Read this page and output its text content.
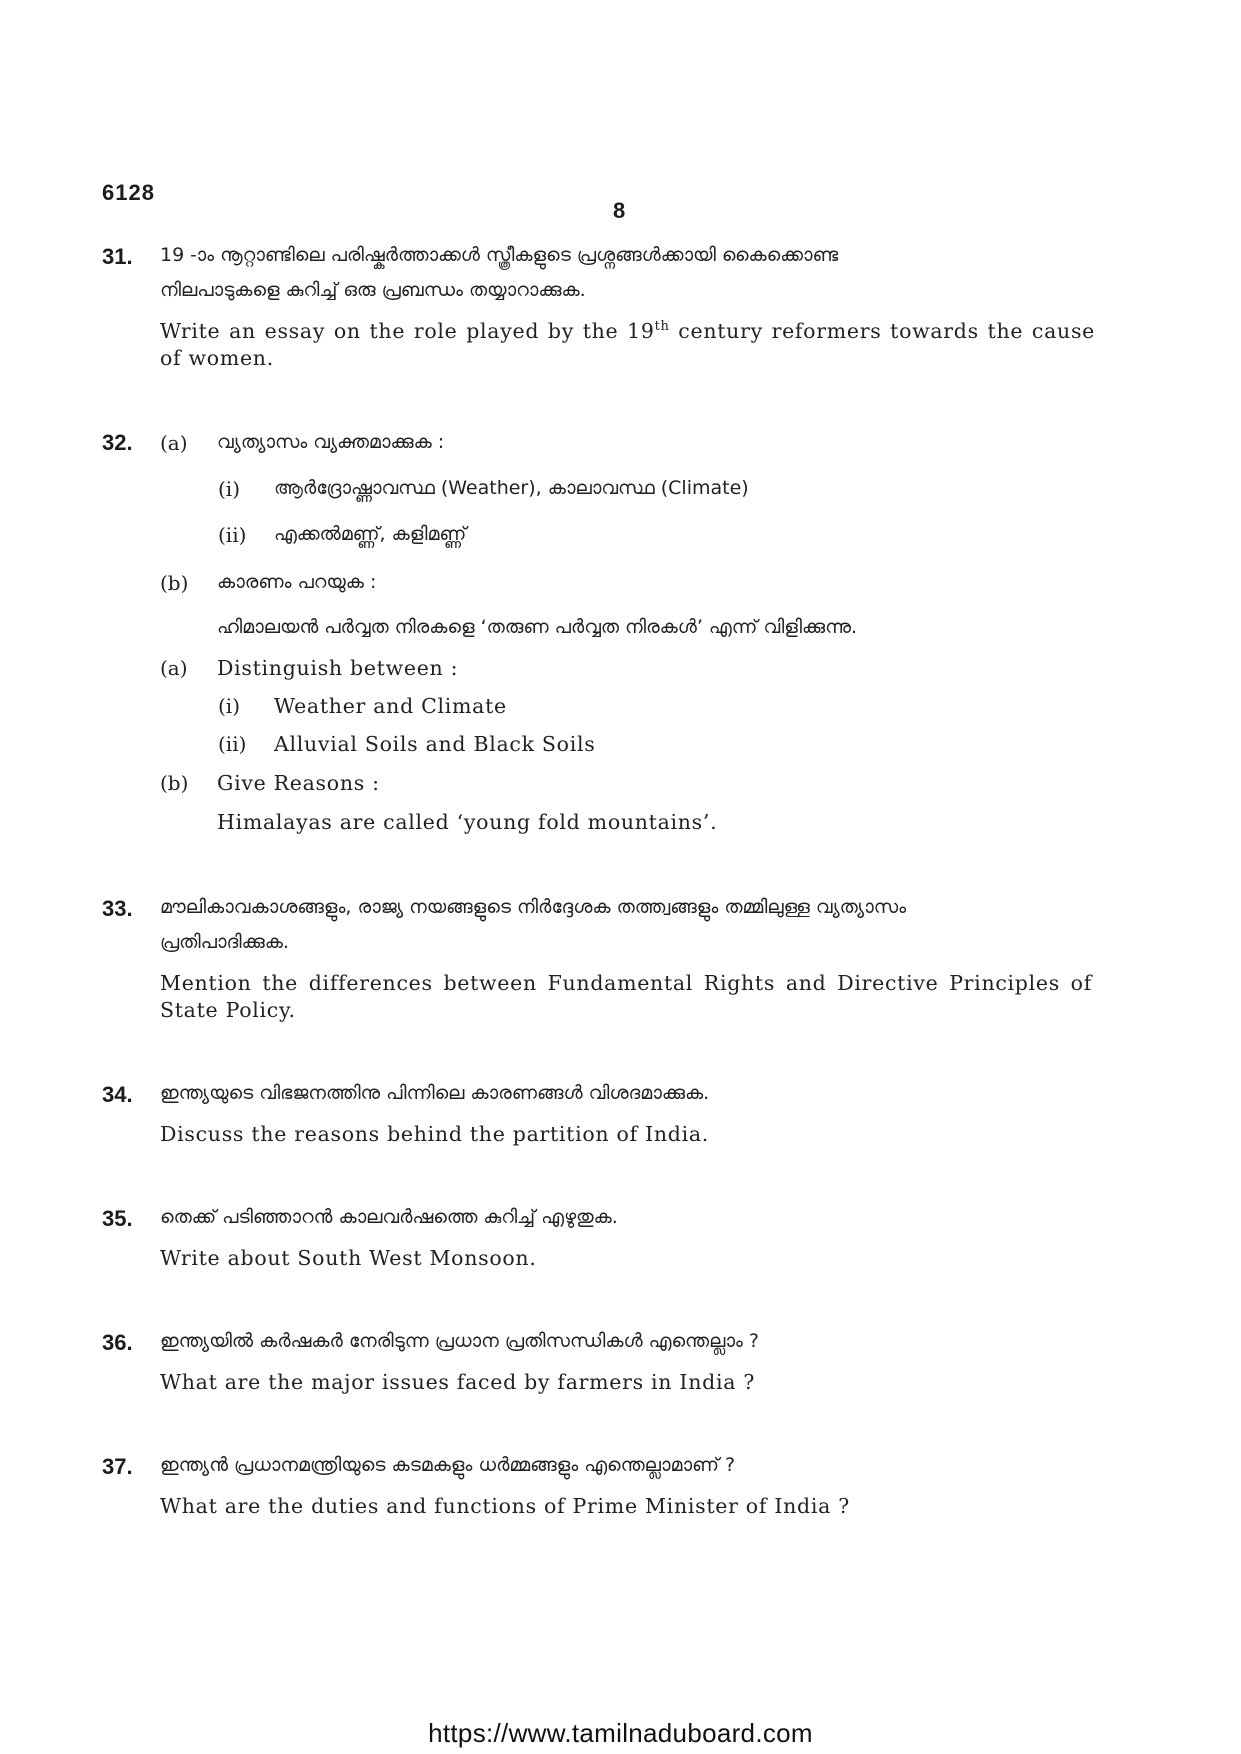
6128
8
31. 19 -ാം നൂറ്റാണ്ടിലെ പരിഷ്കർത്താക്കൾ സ്ത്രീകളുടെ പ്രശ്നങ്ങൾക്കായി കൈക്കൊണ്ട
നിലപാടുകളെ കുറിച്ച് ഒരു പ്രബന്ധം തയ്യാറാക്കുക.
Write an essay on the role played by the 19th century reformers towards the cause of women.
32. (a) വ്യത്യാസം വ്യക്തമാക്കുക :
(i) ആർദ്രോഷ്ണാവസ്ഥ (Weather), കാലാവസ്ഥ (Climate)
(ii) എക്കൽമണ്ണ്, കളിമണ്ണ്
(b) കാരണം പറയുക :
ഹിമാലയൻ പർവ്വത നിരകളെ ‘തരുണ പർവ്വത നിരകൾ’ എന്ന് വിളിക്കുന്നു.
(a) Distinguish between :
(i) Weather and Climate
(ii) Alluvial Soils and Black Soils
(b) Give Reasons :
Himalayas are called ‘young fold mountains’.
33. മൗലികാവകാശങ്ങളും, രാജ്യ നയങ്ങളുടെ നിർദ്ദേശക തത്ത്വങ്ങളും തമ്മിലുള്ള വ്യത്യാസം
പ്രതിപാദിക്കുക.
Mention the differences between Fundamental Rights and Directive Principles of State Policy.
34. ഇന്ത്യയുടെ വിഭജനത്തിനു പിന്നിലെ കാരണങ്ങൾ വിശദമാക്കുക.
Discuss the reasons behind the partition of India.
35. തെക്ക് പടിഞ്ഞാറൻ കാലവർഷത്തെ കുറിച്ച് എഴുതുക.
Write about South West Monsoon.
36. ഇന്ത്യയിൽ കർഷകർ നേരിടുന്ന പ്രധാന പ്രതിസന്ധികൾ എന്തെല്ലാം ?
What are the major issues faced by farmers in India ?
37. ഇന്ത്യൻ പ്രധാനമന്ത്രിയുടെ കടമകളും ധർമ്മങ്ങളും എന്തെല്ലാമാണ് ?
What are the duties and functions of Prime Minister of India ?
https://www.tamilnaduboard.com
